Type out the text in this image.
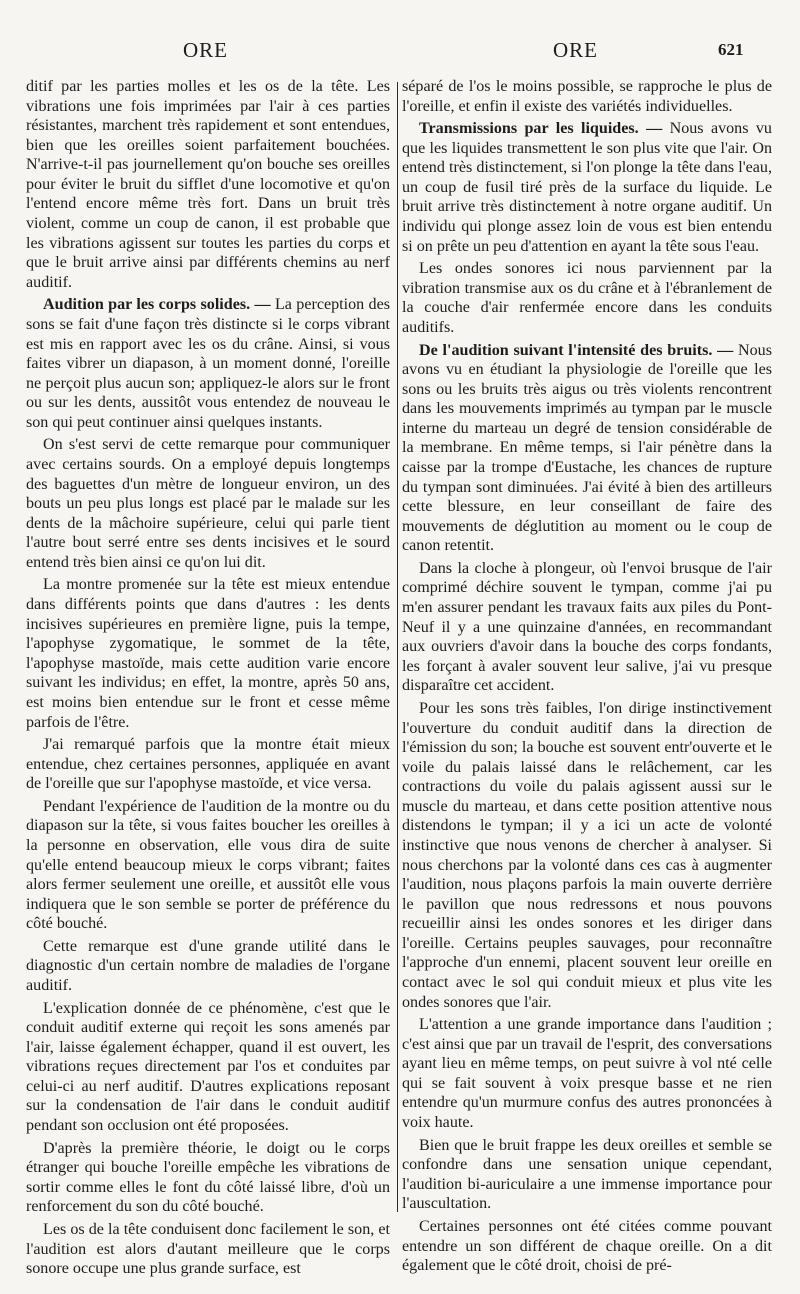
ORE	ORE	621

ditif par les parties molles et les os de la tête. Les vibrations une fois imprimées par l'air à ces parties résistantes, marchent très rapidement et sont entendues, bien que les oreilles soient parfaitement bouchées. N'arrive-t-il pas journellement qu'on bouche ses oreilles pour éviter le bruit du sifflet d'une locomotive et qu'on l'entend encore même très fort. Dans un bruit très violent, comme un coup de canon, il est probable que les vibrations agissent sur toutes les parties du corps et que le bruit arrive ainsi par différents chemins au nerf auditif.

Audition par les corps solides. — La perception des sons se fait d'une façon très distincte si le corps vibrant est mis en rapport avec les os du crâne. Ainsi, si vous faites vibrer un diapason, à un moment donné, l'oreille ne perçoit plus aucun son; appliquez-le alors sur le front ou sur les dents, aussitôt vous entendez de nouveau le son qui peut continuer ainsi quelques instants.

On s'est servi de cette remarque pour communiquer avec certains sourds. On a employé depuis longtemps des baguettes d'un mètre de longueur environ, un des bouts un peu plus longs est placé par le malade sur les dents de la mâchoire supérieure, celui qui parle tient l'autre bout serré entre ses dents incisives et le sourd entend très bien ainsi ce qu'on lui dit.

La montre promenée sur la tête est mieux entendue dans différents points que dans d'autres : les dents incisives supérieures en première ligne, puis la tempe, l'apophyse zygomatique, le sommet de la tête, l'apophyse mastoïde, mais cette audition varie encore suivant les individus; en effet, la montre, après 50 ans, est moins bien entendue sur le front et cesse même parfois de l'être.

J'ai remarqué parfois que la montre était mieux entendue, chez certaines personnes, appliquée en avant de l'oreille que sur l'apophyse mastoïde, et vice versa.

Pendant l'expérience de l'audition de la montre ou du diapason sur la tête, si vous faites boucher les oreilles à la personne en observation, elle vous dira de suite qu'elle entend beaucoup mieux le corps vibrant; faites alors fermer seulement une oreille, et aussitôt elle vous indiquera que le son semble se porter de préférence du côté bouché.

Cette remarque est d'une grande utilité dans le diagnostic d'un certain nombre de maladies de l'organe auditif.

L'explication donnée de ce phénomène, c'est que le conduit auditif externe qui reçoit les sons amenés par l'air, laisse également échapper, quand il est ouvert, les vibrations reçues directement par l'os et conduites par celui-ci au nerf auditif. D'autres explications reposant sur la condensation de l'air dans le conduit auditif pendant son occlusion ont été proposées.

D'après la première théorie, le doigt ou le corps étranger qui bouche l'oreille empêche les vibrations de sortir comme elles le font du côté laissé libre, d'où un renforcement du son du côté bouché.

Les os de la tête conduisent donc facilement le son, et l'audition est alors d'autant meilleure que le corps sonore occupe une plus grande surface, est

séparé de l'os le moins possible, se rapproche le plus de l'oreille, et enfin il existe des variétés individuelles.

Transmissions par les liquides. — Nous avons vu que les liquides transmettent le son plus vite que l'air. On entend très distinctement, si l'on plonge la tête dans l'eau, un coup de fusil tiré près de la surface du liquide. Le bruit arrive très distinctement à notre organe auditif. Un individu qui plonge assez loin de vous est bien entendu si on prête un peu d'attention en ayant la tête sous l'eau.

Les ondes sonores ici nous parviennent par la vibration transmise aux os du crâne et à l'ébranlement de la couche d'air renfermée encore dans les conduits auditifs.

De l'audition suivant l'intensité des bruits. — Nous avons vu en étudiant la physiologie de l'oreille que les sons ou les bruits très aigus ou très violents rencontrent dans les mouvements imprimés au tympan par le muscle interne du marteau un degré de tension considérable de la membrane. En même temps, si l'air pénètre dans la caisse par la trompe d'Eustache, les chances de rupture du tympan sont diminuées. J'ai évité à bien des artilleurs cette blessure, en leur conseillant de faire des mouvements de déglutition au moment ou le coup de canon retentit.

Dans la cloche à plongeur, où l'envoi brusque de l'air comprimé déchire souvent le tympan, comme j'ai pu m'en assurer pendant les travaux faits aux piles du Pont-Neuf il y a une quinzaine d'années, en recommandant aux ouvriers d'avoir dans la bouche des corps fondants, les forçant à avaler souvent leur salive, j'ai vu presque disparaître cet accident.

Pour les sons très faibles, l'on dirige instinctivement l'ouverture du conduit auditif dans la direction de l'émission du son; la bouche est souvent entr'ouverte et le voile du palais laissé dans le relâchement, car les contractions du voile du palais agissent aussi sur le muscle du marteau, et dans cette position attentive nous distendons le tympan; il y a ici un acte de volonté instinctive que nous venons de chercher à analyser. Si nous cherchons par la volonté dans ces cas à augmenter l'audition, nous plaçons parfois la main ouverte derrière le pavillon que nous redressons et nous pouvons recueillir ainsi les ondes sonores et les diriger dans l'oreille. Certains peuples sauvages, pour reconnaître l'approche d'un ennemi, placent souvent leur oreille en contact avec le sol qui conduit mieux et plus vite les ondes sonores que l'air.

L'attention a une grande importance dans l'audition ; c'est ainsi que par un travail de l'esprit, des conversations ayant lieu en même temps, on peut suivre à vol nté celle qui se fait souvent à voix presque basse et ne rien entendre qu'un murmure confus des autres prononcées à voix haute.

Bien que le bruit frappe les deux oreilles et semble se confondre dans une sensation unique cependant, l'audition bi-auriculaire a une immense importance pour l'auscultation.

Certaines personnes ont été citées comme pouvant entendre un son différent de chaque oreille. On a dit également que le côté droit, choisi de pré-
